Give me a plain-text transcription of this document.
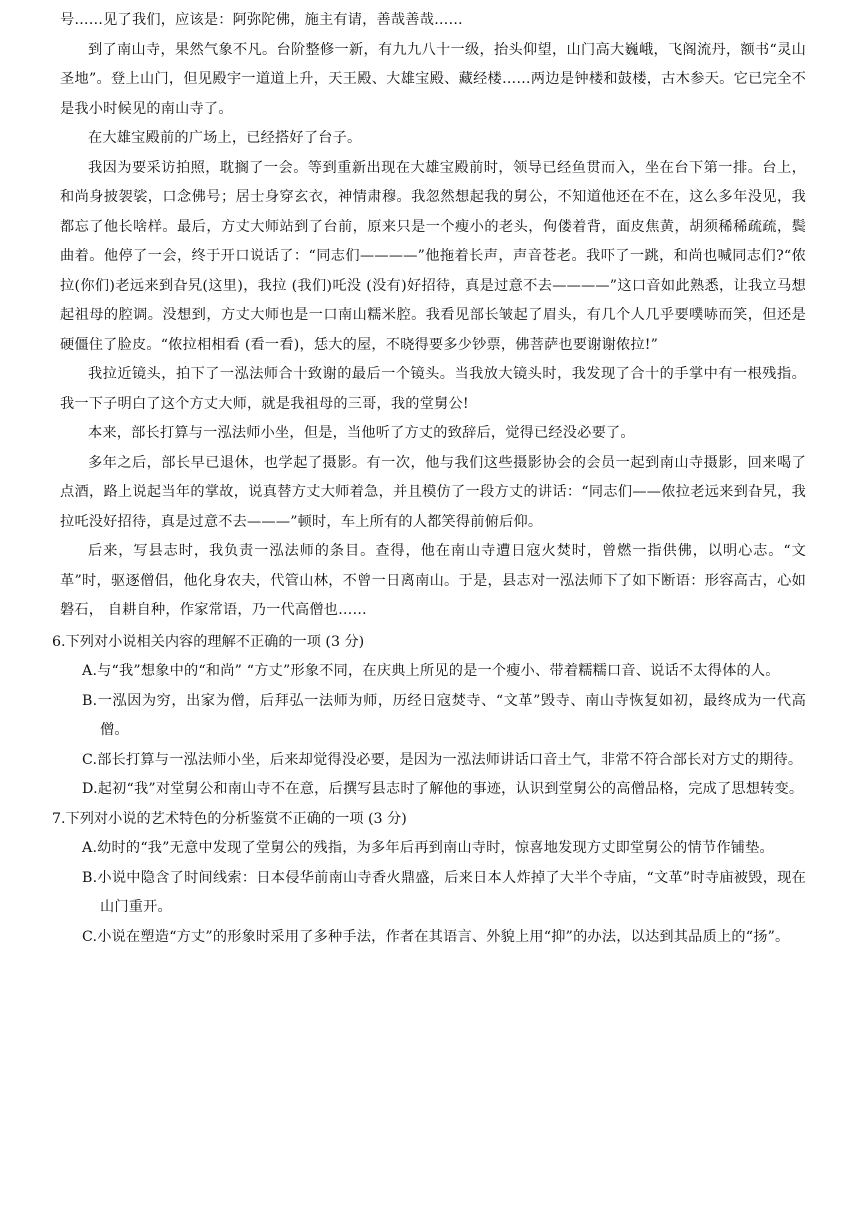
号……见了我们，应该是：阿弥陀佛，施主有请，善哉善哉……

到了南山寺，果然气象不凡。台阶整修一新，有九九八十一级，抬头仰望，山门高大巍峨，飞阁流丹，额书“灵山圣地”。登上山门，但见殿宇一道道上升，天王殿、大雄宝殿、藏经楼……两边是钟楼和鼓楼，古木参天。它已完全不是我小时候见的南山寺了。

在大雄宝殿前的广场上，已经搭好了台子。

我因为要采访拍照，耽搁了一会。等到重新出现在大雄宝殿前时，领导已经鱼贯而入，坐在台下第一排。台上，和尚身披袈裟，口念佛号；居士身穿玄衣，神情肃穆。我忽然想起我的舅公，不知道他还在不在，这么多年没见，我都忘了他长啥样。最后，方丈大师站到了台前，原来只是一个瘦小的老头，佝偻着背，面皮焦黄，胡须稀稀疏疏，鬓曲着。他停了一会，终于开口说话了：“同志们————”他拖着长声，声音苍老。我吓了一跳，和尚也喊同志们?“侬拉(你们)老远来到旮旯(这里)，我拉 (我们)吒没 (没有)好招待，真是过意不去————”这口音如此熟悉，让我立马想起祖母的腔调。没想到，方丈大师也是一口南山糯米腔。我看见部长皱起了眉头，有几个人几乎要噗哧而笑，但还是硬僵住了脸皮。“侬拉相相看 (看一看)，恁大的屋，不晓得要多少钞票，佛菩萨也要谢谢侬拉!”

我拉近镜头，拍下了一泓法师合十致谢的最后一个镜头。当我放大镜头时，我发现了合十的手掌中有一根残指。我一下子明白了这个方丈大师，就是我祖母的三哥，我的堂舅公!

本来，部长打算与一泓法师小坐，但是，当他听了方丈的致辞后，觉得已经没必要了。

多年之后，部长早已退休，也学起了摄影。有一次，他与我们这些摄影协会的会员一起到南山寺摄影，回来喝了点酒，路上说起当年的掌故，说真替方丈大师着急，并且模仿了一段方丈的讲话：“同志们——侬拉老远来到旮旯，我拉吒没好招待，真是过意不去———”顿时，车上所有的人都笑得前俯后仰。

后来，写县志时，我负责一泓法师的条目。查得，他在南山寺遭日寇火焚时，曾燃一指供佛，以明心志。“文革”时，驱逐僧侣，他化身农夫，代管山林，不曾一日离南山。于是，县志对一泓法师下了如下断语：形容高古，心如磐石， 自耕自种，作家常语，乃一代高僧也……

6.下列对小说相关内容的理解不正确的一项 (3 分)

A.与“我”想象中的“和尚” “方丈”形象不同，在庆典上所见的是一个瘦小、带着糯糯口音、说话不太得体的人。

B.一泓因为穷，出家为僧，后拜弘一法师为师，历经日寇焚寺、“文革”毁寺、南山寺恢复如初，最终成为一代高僧。

C.部长打算与一泓法师小坐，后来却觉得没必要，是因为一泓法师讲话口音土气，非常不符合部长对方丈的期待。

D.起初“我”对堂舅公和南山寺不在意，后撰写县志时了解他的事迹，认识到堂舅公的高僧品格，完成了思想转变。

7.下列对小说的艺术特色的分析鉴赏不正确的一项 (3 分)

A.幼时的“我”无意中发现了堂舅公的残指，为多年后再到南山寺时，惊喜地发现方丈即堂舅公的情节作铺垫。

B.小说中隐含了时间线索：日本侵华前南山寺香火鼎盛，后来日本人炸掉了大半个寺庙，“文革”时寺庙被毁，现在山门重开。

C.小说在塑造“方丈”的形象时采用了多种手法，作者在其语言、外貌上用“抑”的办法，以达到其品质上的“扬”。
